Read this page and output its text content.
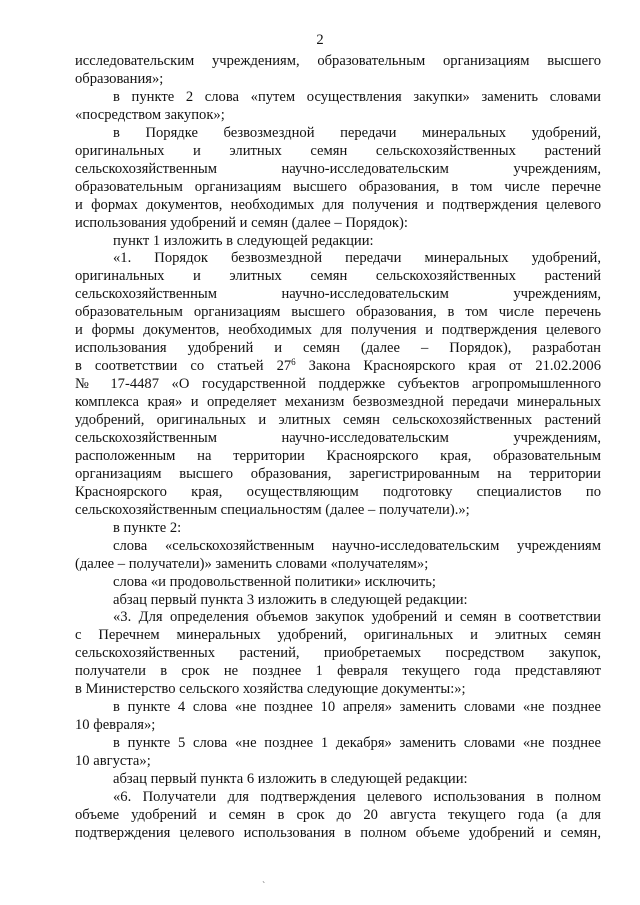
2
исследовательским учреждениям, образовательным организациям высшего
образования»;
в пункте 2 слова «путем осуществления закупки» заменить словами
«посредством закупок»;
в Порядке безвозмездной передачи минеральных удобрений,
оригинальных и элитных семян сельскохозяйственных растений
сельскохозяйственным научно-исследовательским учреждениям,
образовательным организациям высшего образования, в том числе перечне
и формах документов, необходимых для получения и подтверждения целевого
использования удобрений и семян (далее – Порядок):
пункт 1 изложить в следующей редакции:
«1. Порядок безвозмездной передачи минеральных удобрений,
оригинальных и элитных семян сельскохозяйственных растений
сельскохозяйственным научно-исследовательским учреждениям,
образовательным организациям высшего образования, в том числе перечень
и формы документов, необходимых для получения и подтверждения целевого
использования удобрений и семян (далее – Порядок), разработан
в соответствии со статьей $27^6$ Закона Красноярского края от 21.02.2006
№ 17-4487 «О государственной поддержке субъектов агропромышленного
комплекса края» и определяет механизм безвозмездной передачи минеральных
удобрений, оригинальных и элитных семян сельскохозяйственных растений
сельскохозяйственным научно-исследовательским учреждениям,
расположенным на территории Красноярского края, образовательным
организациям высшего образования, зарегистрированным на территории
Красноярского края, осуществляющим подготовку специалистов по
сельскохозяйственным специальностям (далее – получатели).»;
в пункте 2:
слова «сельскохозяйственным научно-исследовательским учреждениям
(далее – получатели)» заменить словами «получателям»;
слова «и продовольственной политики» исключить;
абзац первый пункта 3 изложить в следующей редакции:
«3. Для определения объемов закупок удобрений и семян в соответствии
с Перечнем минеральных удобрений, оригинальных и элитных семян
сельскохозяйственных растений, приобретаемых посредством закупок,
получатели в срок не позднее 1 февраля текущего года представляют
в Министерство сельского хозяйства следующие документы:»;
в пункте 4 слова «не позднее 10 апреля» заменить словами «не позднее
10 февраля»;
в пункте 5 слова «не позднее 1 декабря» заменить словами «не позднее
10 августа»;
абзац первый пункта 6 изложить в следующей редакции:
«6. Получатели для подтверждения целевого использования в полном
объеме удобрений и семян в срок до 20 августа текущего года (а для
подтверждения целевого использования в полном объеме удобрений и семян,
`
